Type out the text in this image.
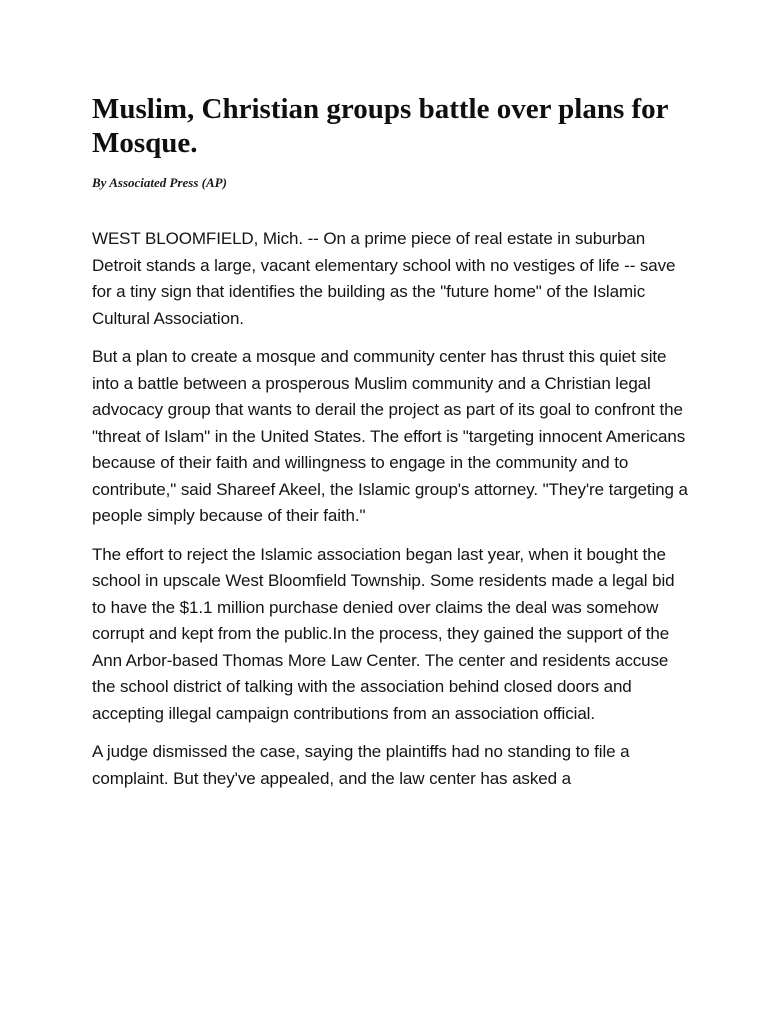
Muslim, Christian groups battle over plans for Mosque.
By Associated Press (AP)

WEST BLOOMFIELD, Mich. -- On a prime piece of real estate in suburban Detroit stands a large, vacant elementary school with no vestiges of life -- save for a tiny sign that identifies the building as the "future home" of the Islamic Cultural Association.

But a plan to create a mosque and community center has thrust this quiet site into a battle between a prosperous Muslim community and a Christian legal advocacy group that wants to derail the project as part of its goal to confront the "threat of Islam" in the United States. The effort is "targeting innocent Americans because of their faith and willingness to engage in the community and to contribute," said Shareef Akeel, the Islamic group's attorney. "They're targeting a people simply because of their faith."

The effort to reject the Islamic association began last year, when it bought the school in upscale West Bloomfield Township. Some residents made a legal bid to have the $1.1 million purchase denied over claims the deal was somehow corrupt and kept from the public.In the process, they gained the support of the Ann Arbor-based Thomas More Law Center. The center and residents accuse the school district of talking with the association behind closed doors and accepting illegal campaign contributions from an association official.

A judge dismissed the case, saying the plaintiffs had no standing to file a complaint. But they've appealed, and the law center has asked a
